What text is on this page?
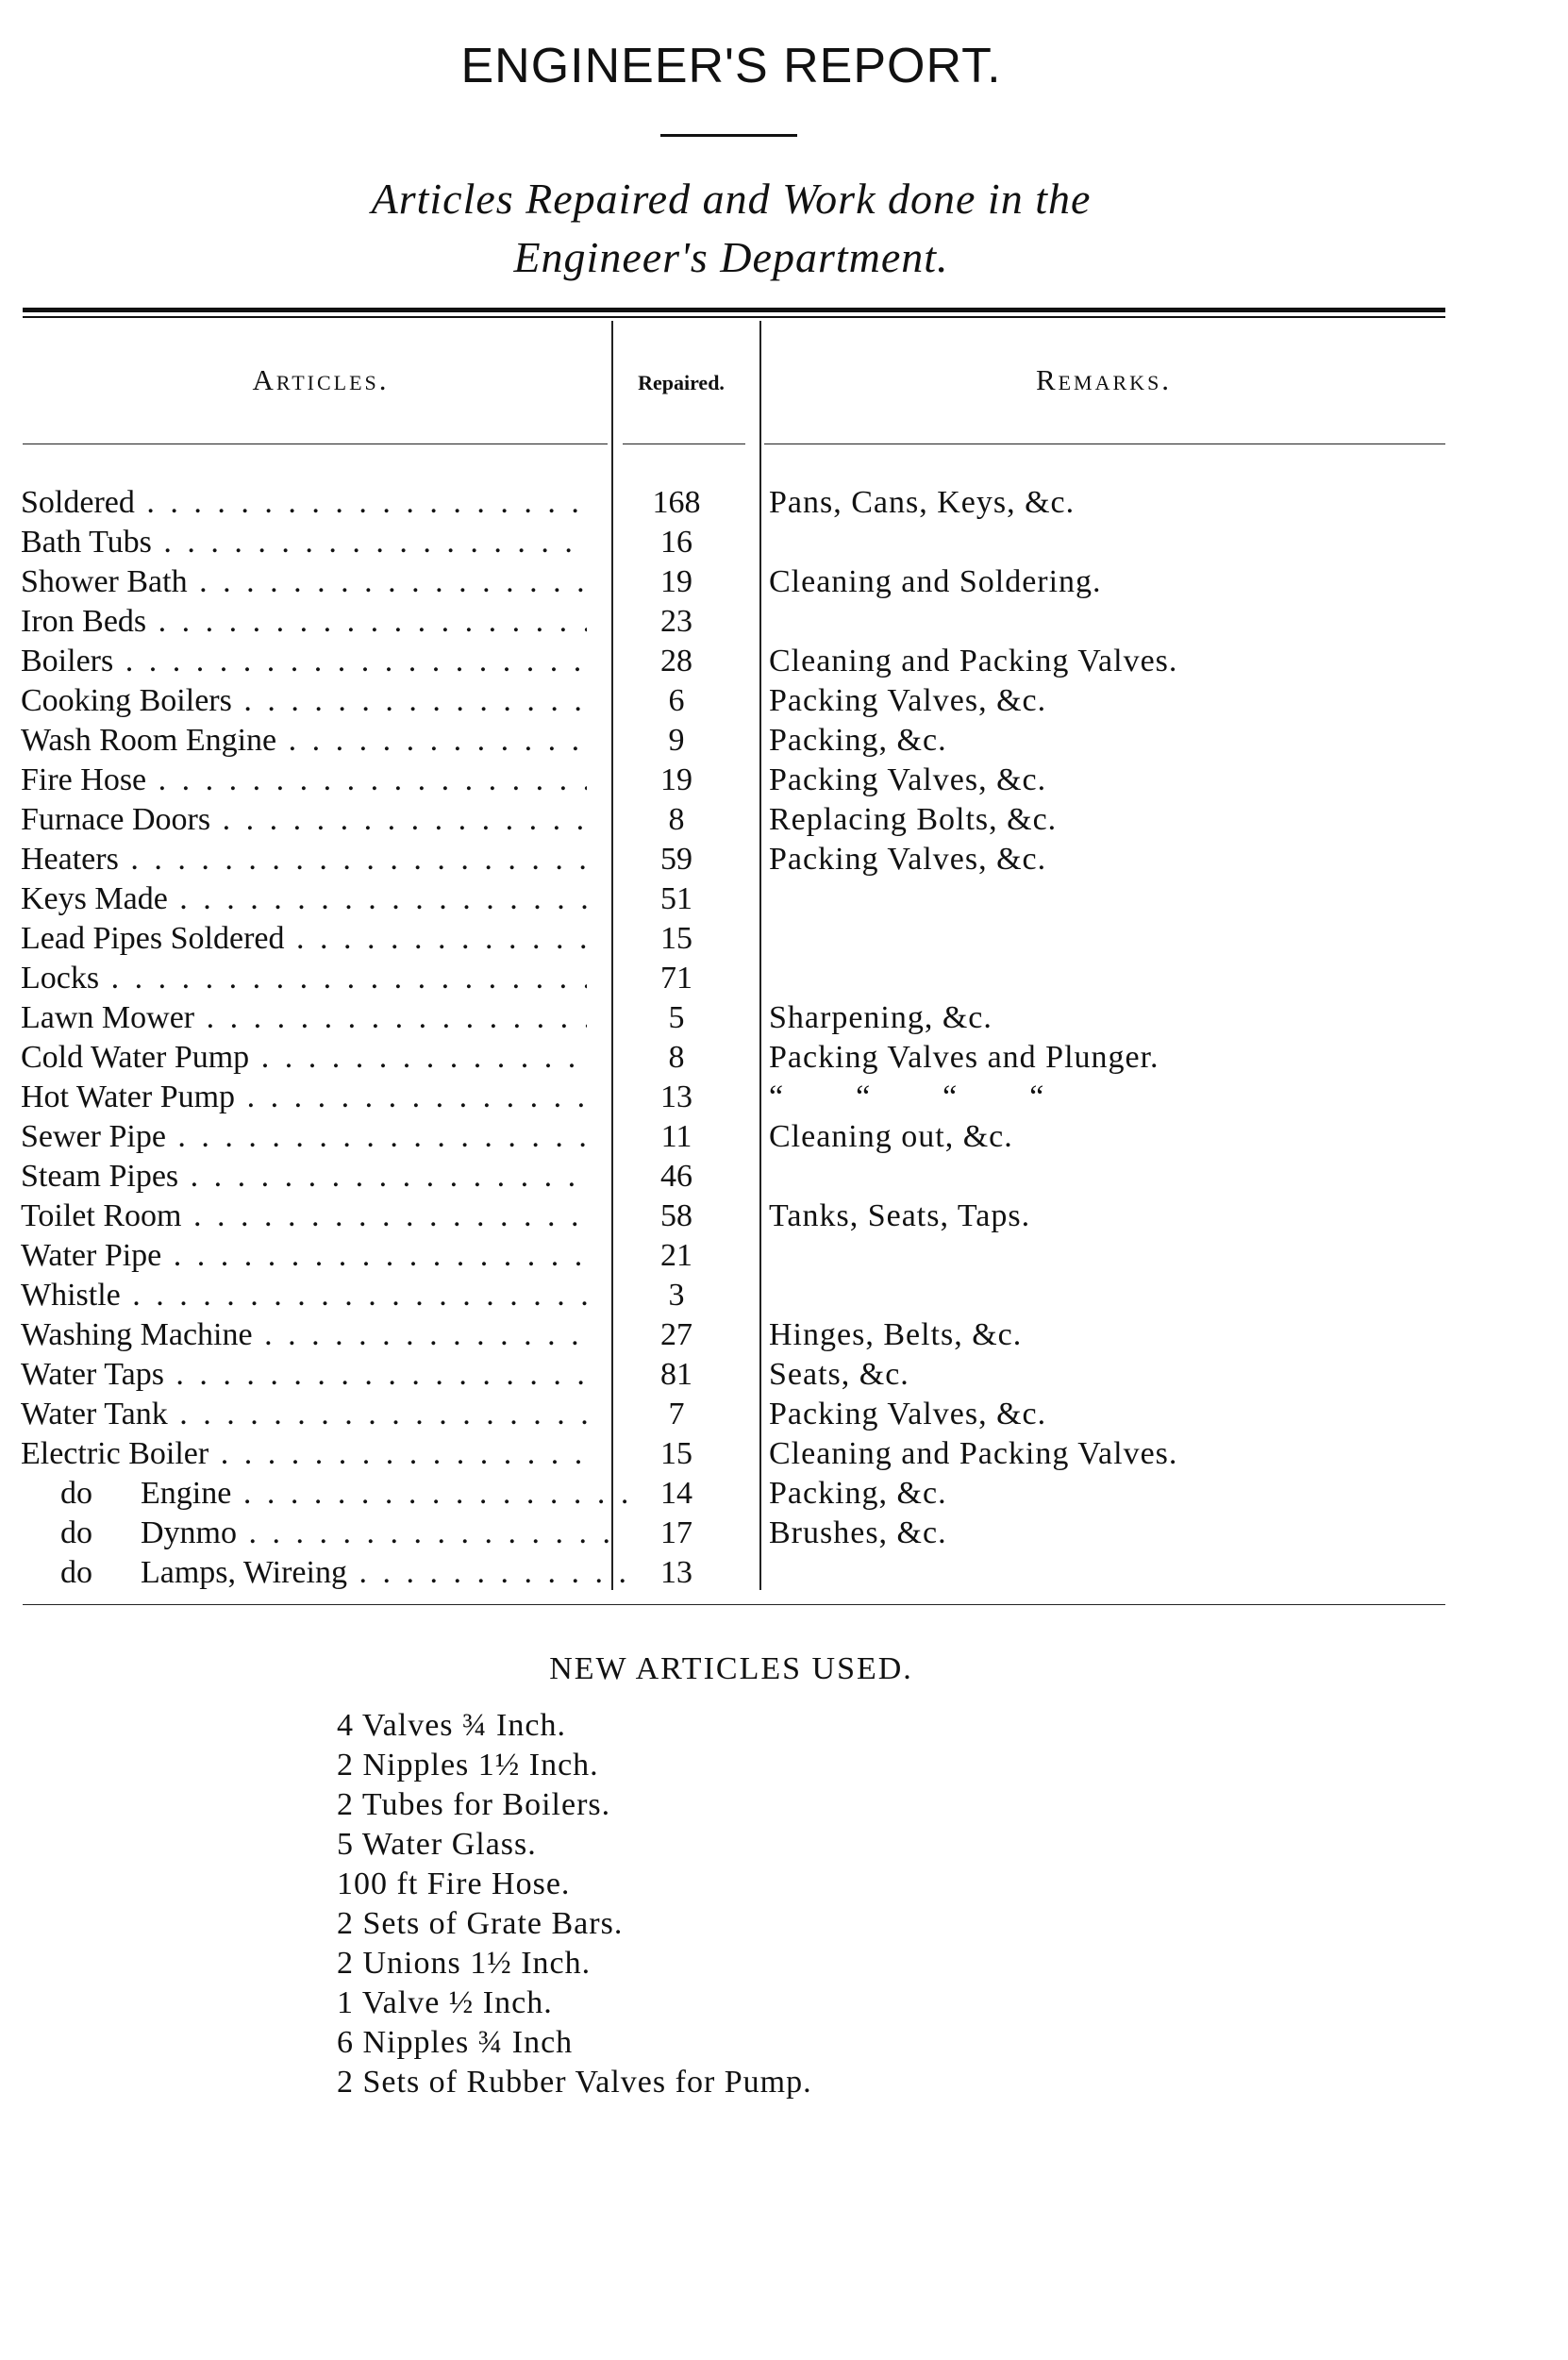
ENGINEER'S REPORT.
Articles Repaired and Work done in the
Engineer's Department.
Articles.	Repaired.	Remarks.
Soldered . . .	168	Pans, Cans, Keys, &c.
Bath Tubs . . .	16
Shower Bath . . .	19	Cleaning and Soldering.
Iron Beds . . .	23
Boilers . . .	28	Cleaning and Packing Valves.
Cooking Boilers . . .	6	Packing Valves, &c.
Wash Room Engine . . .	9	Packing, &c.
Fire Hose . . .	19	Packing Valves, &c.
Furnace Doors . . .	8	Replacing Bolts, &c.
Heaters . . .	59	Packing Valves, &c.
Keys Made . . .	51
Lead Pipes Soldered . . .	15
Locks . . .	71
Lawn Mower . . .	5	Sharpening, &c.
Cold Water Pump . . .	8	Packing Valves and Plunger.
Hot Water Pump . . .	13	“        “        “        “
Sewer Pipe . . .	11	Cleaning out, &c.
Steam Pipes . . .	46
Toilet Room . . .	58	Tanks, Seats, Taps.
Water Pipe . . .	21
Whistle . . .	3
Washing Machine . . .	27	Hinges, Belts, &c.
Water Taps . . .	81	Seats, &c.
Water Tank . . .	7	Packing Valves, &c.
Electric Boiler . . .	15	Cleaning and Packing Valves.
do      Engine . . .	14	Packing, &c.
do      Dynmo . . .	17	Brushes, &c.
do      Lamps, Wireing . . .	13
NEW ARTICLES USED.
4 Valves ¾ Inch.
2 Nipples 1½ Inch.
2 Tubes for Boilers.
5 Water Glass.
100 ft Fire Hose.
2 Sets of Grate Bars.
2 Unions 1½ Inch.
1 Valve ½ Inch.
6 Nipples ¾ Inch
2 Sets of Rubber Valves for Pump.
